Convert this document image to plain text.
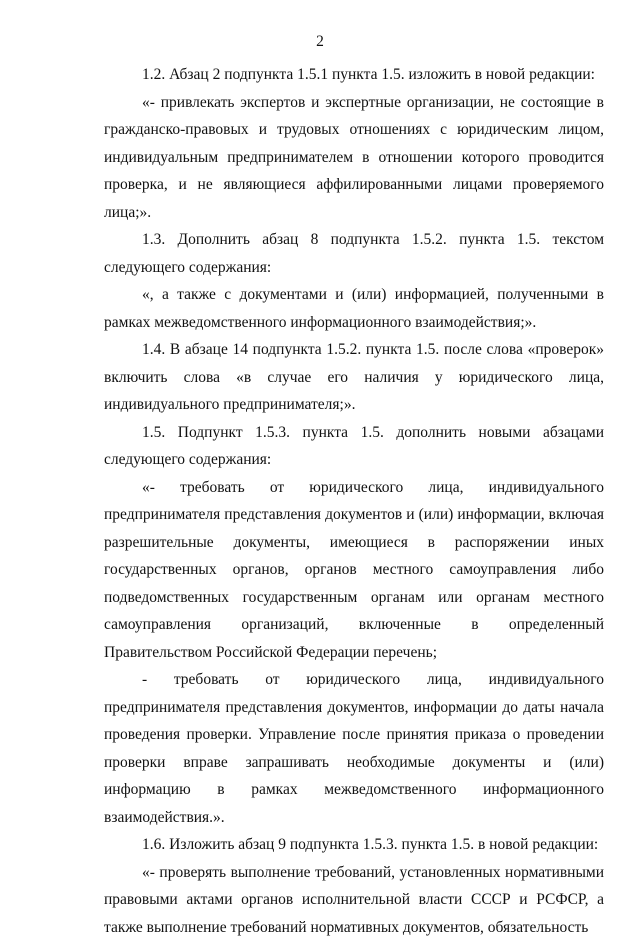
2

1.2. Абзац 2 подпункта 1.5.1 пункта 1.5. изложить в новой редакции:

«- привлекать экспертов и экспертные организации, не состоящие в гражданско-правовых и трудовых отношениях с юридическим лицом, индивидуальным предпринимателем в отношении которого проводится проверка, и не являющиеся аффилированными лицами проверяемого лица;».

1.3. Дополнить абзац 8 подпункта 1.5.2. пункта 1.5. текстом следующего содержания:

«, а также с документами и (или) информацией, полученными в рамках межведомственного информационного взаимодействия;».

1.4. В абзаце 14 подпункта 1.5.2. пункта 1.5. после слова «проверок» включить слова «в случае его наличия у юридического лица, индивидуального предпринимателя;».

1.5. Подпункт 1.5.3. пункта 1.5. дополнить новыми абзацами следующего содержания:

«- требовать от юридического лица, индивидуального предпринимателя представления документов и (или) информации, включая разрешительные документы, имеющиеся в распоряжении иных государственных органов, органов местного самоуправления либо подведомственных государственным органам или органам местного самоуправления организаций, включенные в определенный Правительством Российской Федерации перечень;

- требовать от юридического лица, индивидуального предпринимателя представления документов, информации до даты начала проведения проверки. Управление после принятия приказа о проведении проверки вправе запрашивать необходимые документы и (или) информацию в рамках межведомственного информационного взаимодействия.».

1.6. Изложить абзац 9 подпункта 1.5.3. пункта 1.5. в новой редакции:

«- проверять выполнение требований, установленных нормативными правовыми актами органов исполнительной власти СССР и РСФСР, а также выполнение требований нормативных документов, обязательность
